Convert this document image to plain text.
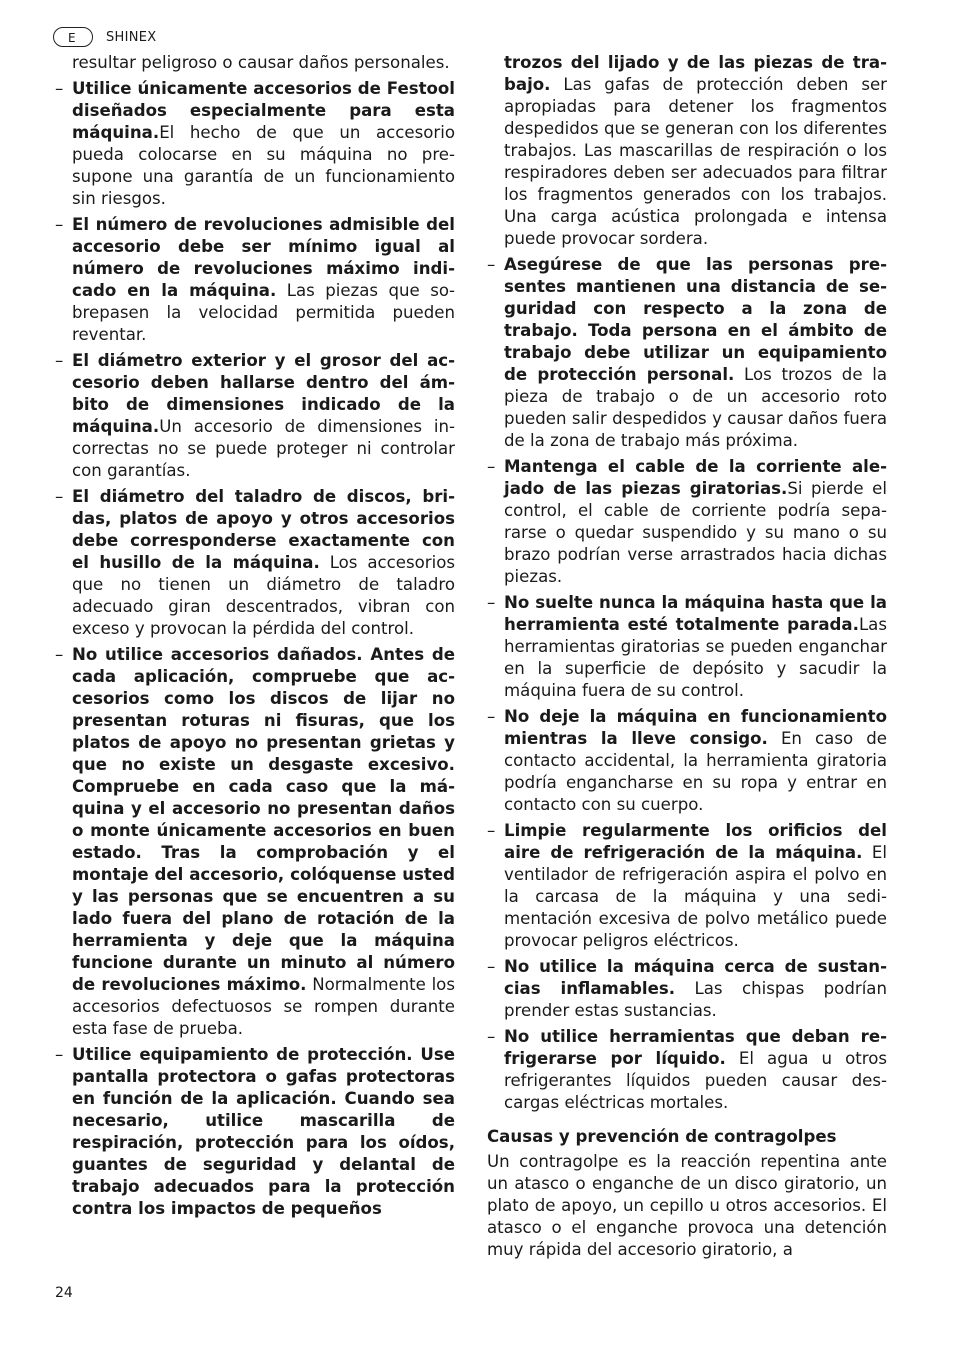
E	SHINEX
resultar peligroso o causar daños personales.
– Utilice únicamente accesorios de Festool diseñados especialmente para esta máquina.El hecho de que un accesorio pueda colocarse en su máquina no presupone una garantía de un funcionamiento sin riesgos.
– El número de revoluciones admisible del accesorio debe ser mínimo igual al número de revoluciones máximo indicado en la máquina. Las piezas que sobrepasen la velocidad permitida pueden reventar.
– El diámetro exterior y el grosor del accesorio deben hallarse dentro del ámbito de dimensiones indicado de la máquina.Un accesorio de dimensiones incorrectas no se puede proteger ni controlar con garantías.
– El diámetro del taladro de discos, bridas, platos de apoyo y otros accesorios debe corresponderse exactamente con el husillo de la máquina. Los accesorios que no tienen un diámetro de taladro adecuado giran descentrados, vibran con exceso y provocan la pérdida del control.
– No utilice accesorios dañados. Antes de cada aplicación, compruebe que accesorios como los discos de lijar no presentan roturas ni fisuras, que los platos de apoyo no presentan grietas y que no existe un desgaste excesivo. Compruebe en cada caso que la máquina y el accesorio no presentan daños o monte únicamente accesorios en buen estado. Tras la comprobación y el montaje del accesorio, colóquense usted y las personas que se encuentren a su lado fuera del plano de rotación de la herramienta y deje que la máquina funcione durante un minuto al número de revoluciones máximo. Normalmente los accesorios defectuosos se rompen durante esta fase de prueba.
– Utilice equipamiento de protección. Use pantalla protectora o gafas protectoras en función de la aplicación. Cuando sea necesario, utilice mascarilla de respiración, protección para los oídos, guantes de seguridad y delantal de trabajo adecuados para la protección contra los impactos de pequeños
trozos del lijado y de las piezas de trabajo. Las gafas de protección deben ser apropiadas para detener los fragmentos despedidos que se generan con los diferentes trabajos. Las mascarillas de respiración o los respiradores deben ser adecuados para filtrar los fragmentos generados con los trabajos. Una carga acústica prolongada e intensa puede provocar sordera.
– Asegúrese de que las personas presentes mantienen una distancia de seguridad con respecto a la zona de trabajo. Toda persona en el ámbito de trabajo debe utilizar un equipamiento de protección personal. Los trozos de la pieza de trabajo o de un accesorio roto pueden salir despedidos y causar daños fuera de la zona de trabajo más próxima.
– Mantenga el cable de la corriente alejado de las piezas giratorias.Si pierde el control, el cable de corriente podría separarse o quedar suspendido y su mano o su brazo podrían verse arrastrados hacia dichas piezas.
– No suelte nunca la máquina hasta que la herramienta esté totalmente parada.Las herramientas giratorias se pueden enganchar en la superficie de depósito y sacudir la máquina fuera de su control.
– No deje la máquina en funcionamiento mientras la lleve consigo. En caso de contacto accidental, la herramienta giratoria podría engancharse en su ropa y entrar en contacto con su cuerpo.
– Limpie regularmente los orificios del aire de refrigeración de la máquina. El ventilador de refrigeración aspira el polvo en la carcasa de la máquina y una sedimentación excesiva de polvo metálico puede provocar peligros eléctricos.
– No utilice la máquina cerca de sustancias inflamables. Las chispas podrían prender estas sustancias.
– No utilice herramientas que deban refrigerarse por líquido. El agua u otros refrigerantes líquidos pueden causar descargas eléctricas mortales.
Causas y prevención de contragolpes
Un contragolpe es la reacción repentina ante un atasco o enganche de un disco giratorio, un plato de apoyo, un cepillo u otros accesorios. El atasco o el enganche provoca una detención muy rápida del accesorio giratorio, a
24
